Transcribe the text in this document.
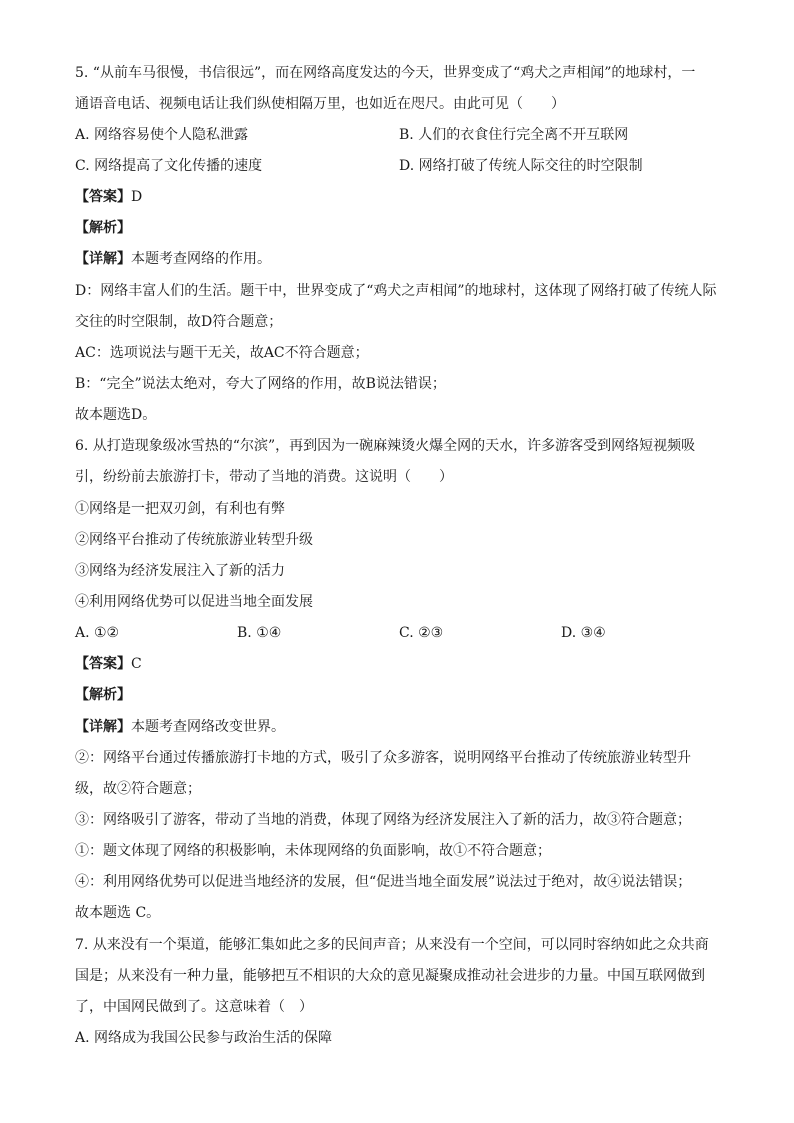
5. “从前车马很慢，书信很远”，而在网络高度发达的今天，世界变成了“鸡犬之声相闻”的地球村，一
通语音电话、视频电话让我们纵使相隔万里，也如近在咫尺。由此可见（　　）
A. 网络容易使个人隐私泄露	B. 人们的衣食住行完全离不开互联网
C. 网络提高了文化传播的速度	D. 网络打破了传统人际交往的时空限制
【答案】D
【解析】
【详解】本题考查网络的作用。
D：网络丰富人们的生活。题干中，世界变成了“鸡犬之声相闻”的地球村，这体现了网络打破了传统人际
交往的时空限制，故D符合题意；
AC：选项说法与题干无关，故AC不符合题意；
B：“完全”说法太绝对，夸大了网络的作用，故B说法错误；
故本题选D。
6. 从打造现象级冰雪热的“尔滨”，再到因为一碗麻辣烫火爆全网的天水，许多游客受到网络短视频吸
引，纷纷前去旅游打卡，带动了当地的消费。这说明（　　）
①网络是一把双刃剑，有利也有弊
②网络平台推动了传统旅游业转型升级
③网络为经济发展注入了新的活力
④利用网络优势可以促进当地全面发展
A. ①②	B. ①④	C. ②③	D. ③④
【答案】C
【解析】
【详解】本题考查网络改变世界。
②：网络平台通过传播旅游打卡地的方式，吸引了众多游客，说明网络平台推动了传统旅游业转型升
级，故②符合题意；
③：网络吸引了游客，带动了当地的消费，体现了网络为经济发展注入了新的活力，故③符合题意；
①：题文体现了网络的积极影响，未体现网络的负面影响，故①不符合题意；
④：利用网络优势可以促进当地经济的发展，但“促进当地全面发展”说法过于绝对，故④说法错误；
故本题选 C。
7. 从来没有一个渠道，能够汇集如此之多的民间声音；从来没有一个空间，可以同时容纳如此之众共商
国是；从来没有一种力量，能够把互不相识的大众的意见凝聚成推动社会进步的力量。中国互联网做到
了，中国网民做到了。这意味着（　）
A. 网络成为我国公民参与政治生活的保障
